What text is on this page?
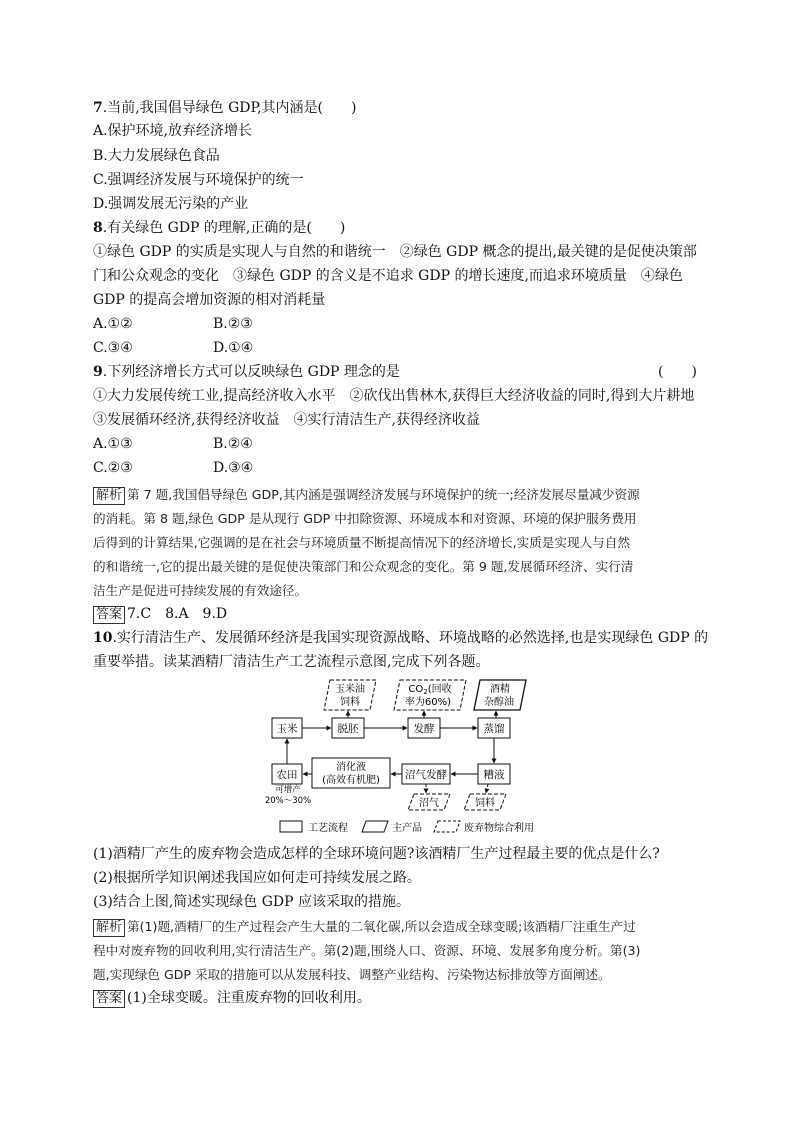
7.当前,我国倡导绿色 GDP,其内涵是(　　)
A.保护环境,放弃经济增长
B.大力发展绿色食品
C.强调经济发展与环境保护的统一
D.强调发展无污染的产业
8.有关绿色 GDP 的理解,正确的是(　　)
①绿色 GDP 的实质是实现人与自然的和谐统一　②绿色 GDP 概念的提出,最关键的是促使决策部
门和公众观念的变化　③绿色 GDP 的含义是不追求 GDP 的增长速度,而追求环境质量　④绿色
GDP 的提高会增加资源的相对消耗量
A.①②	B.②③
C.③④	D.①④
9.下列经济增长方式可以反映绿色 GDP 理念的是	(　　)
①大力发展传统工业,提高经济收入水平　②砍伐出售林木,获得巨大经济收益的同时,得到大片耕地
③发展循环经济,获得经济收益　④实行清洁生产,获得经济收益
A.①③	B.②④
C.②③	D.③④
解析 第 7 题,我国倡导绿色 GDP,其内涵是强调经济发展与环境保护的统一;经济发展尽量减少资源
的消耗。第 8 题,绿色 GDP 是从现行 GDP 中扣除资源、环境成本和对资源、环境的保护服务费用
后得到的计算结果,它强调的是在社会与环境质量不断提高情况下的经济增长,实质是实现人与自然
的和谐统一,它的提出最关键的是促使决策部门和公众观念的变化。第 9 题,发展循环经济、实行清
洁生产是促进可持续发展的有效途径。
答案 7.C　8.A　9.D
10.实行清洁生产、发展循环经济是我国实现资源战略、环境战略的必然选择,也是实现绿色 GDP 的
重要举措。读某酒精厂清洁生产工艺流程示意图,完成下列各题。
玉米油
饲料
$CO_2$(回收
率为60%)
酒精
杂醇油
玉米	脱胚	发酵	蒸馏
农田
消化液
(高效有机肥) 沼气发酵	糟液
沼气	饲料
可增产
20%～30%
工艺流程	主产品	废弃物综合利用
(1)酒精厂产生的废弃物会造成怎样的全球环境问题?该酒精厂生产过程最主要的优点是什么?
(2)根据所学知识阐述我国应如何走可持续发展之路。
(3)结合上图,简述实现绿色 GDP 应该采取的措施。
解析 第(1)题,酒精厂的生产过程会产生大量的二氧化碳,所以会造成全球变暖;该酒精厂注重生产过
程中对废弃物的回收利用,实行清洁生产。第(2)题,围绕人口、资源、环境、发展多角度分析。第(3)
题,实现绿色 GDP 采取的措施可以从发展科技、调整产业结构、污染物达标排放等方面阐述。
答案 (1)全球变暖。注重废弃物的回收利用。
